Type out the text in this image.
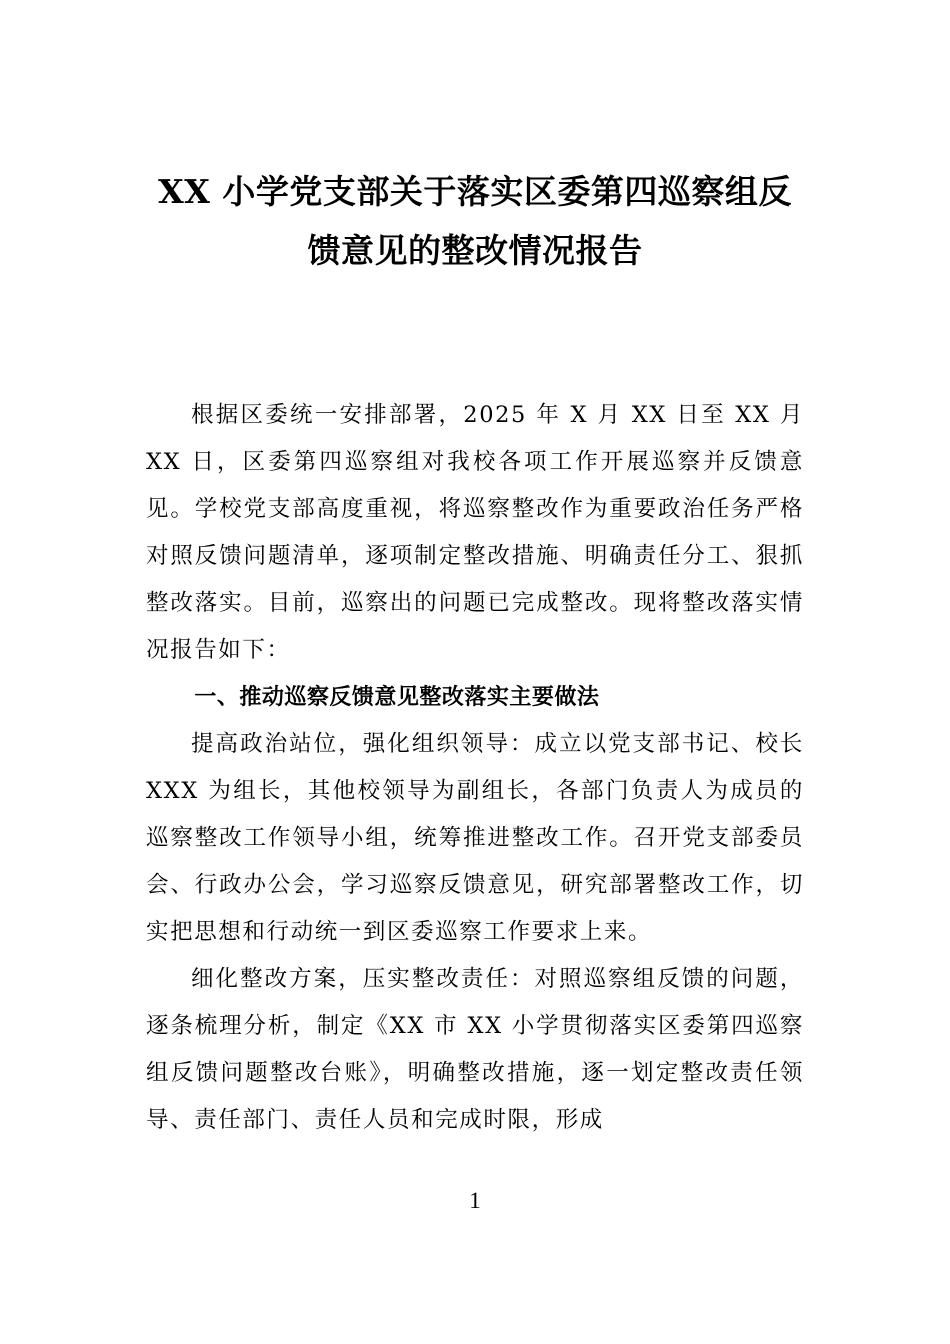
XX 小学党支部关于落实区委第四巡察组反
馈意见的整改情况报告

根据区委统一安排部署，2025 年 X 月 XX 日至 XX 月 XX 日，区委第四巡察组对我校各项工作开展巡察并反馈意见。学校党支部高度重视，将巡察整改作为重要政治任务严格对照反馈问题清单，逐项制定整改措施、明确责任分工、狠抓整改落实。目前，巡察出的问题已完成整改。现将整改落实情况报告如下：

一、推动巡察反馈意见整改落实主要做法

提高政治站位，强化组织领导：成立以党支部书记、校长 XXX 为组长，其他校领导为副组长，各部门负责人为成员的巡察整改工作领导小组，统筹推进整改工作。召开党支部委员会、行政办公会，学习巡察反馈意见，研究部署整改工作，切实把思想和行动统一到区委巡察工作要求上来。

细化整改方案，压实整改责任：对照巡察组反馈的问题，逐条梳理分析，制定《XX 市 XX 小学贯彻落实区委第四巡察组反馈问题整改台账》，明确整改措施，逐一划定整改责任领导、责任部门、责任人员和完成时限，形成

1
